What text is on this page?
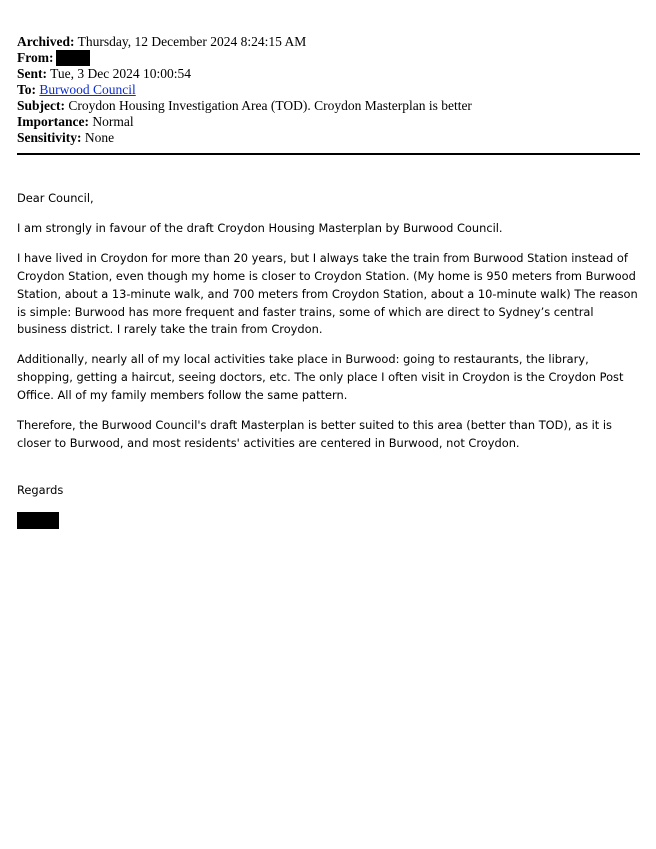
Archived: Thursday, 12 December 2024 8:24:15 AM
From:
Sent: Tue, 3 Dec 2024 10:00:54
To: Burwood Council
Subject: Croydon Housing Investigation Area (TOD). Croydon Masterplan is better
Importance: Normal
Sensitivity: None

Dear Council,

I am strongly in favour of the draft Croydon Housing Masterplan by Burwood Council.

I have lived in Croydon for more than 20 years, but I always take the train from Burwood Station instead of Croydon Station, even though my home is closer to Croydon Station. (My home is 950 meters from Burwood Station, about a 13-minute walk, and 700 meters from Croydon Station, about a 10-minute walk) The reason is simple: Burwood has more frequent and faster trains, some of which are direct to Sydney’s central business district. I rarely take the train from Croydon.

Additionally, nearly all of my local activities take place in Burwood: going to restaurants, the library, shopping, getting a haircut, seeing doctors, etc. The only place I often visit in Croydon is the Croydon Post Office. All of my family members follow the same pattern.

Therefore, the Burwood Council's draft Masterplan is better suited to this area (better than TOD), as it is closer to Burwood, and most residents' activities are centered in Burwood, not Croydon.

Regards
